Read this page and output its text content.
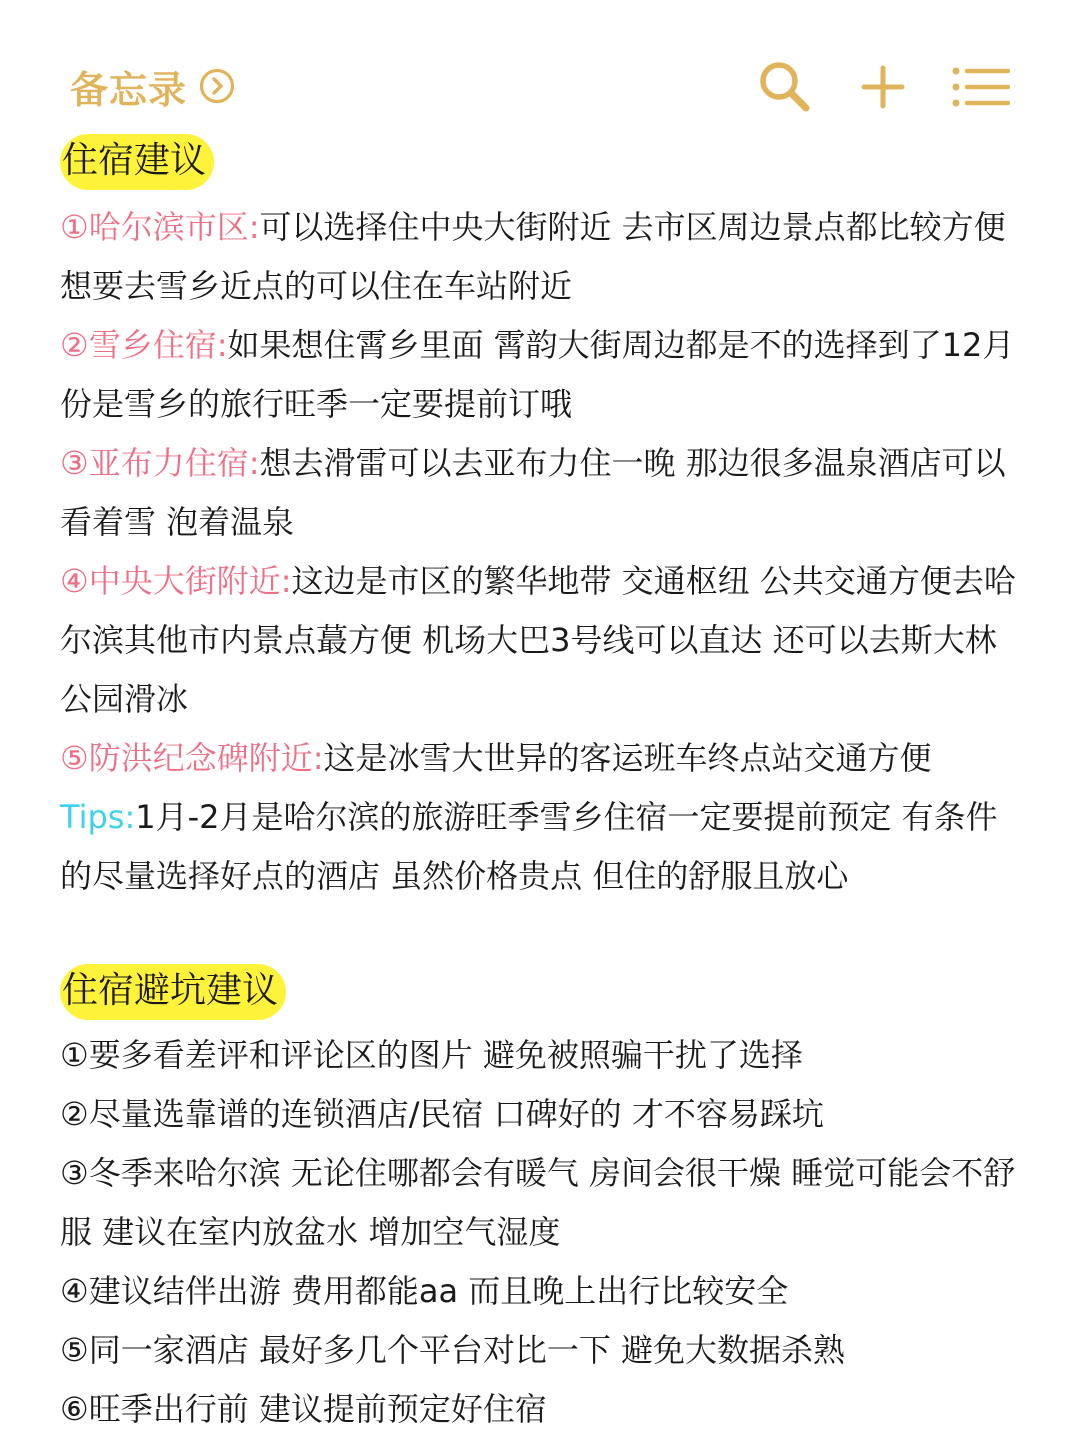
备忘录
住宿建议

①哈尔滨市区:可以选择住中央大街附近 去市区周边景点都比较方便 想要去雪乡近点的可以住在车站附近

②雪乡住宿:如果想住霄乡里面 霄韵大街周边都是不的选择到了12月份是雪乡的旅行旺季一定要提前订哦

③亚布力住宿:想去滑雷可以去亚布力住一晚 那边很多温泉酒店可以看着雪 泡着温泉

④中央大街附近:这边是市区的繁华地带 交通枢纽 公共交通方便去哈尔滨其他市内景点蕞方便 机场大巴3号线可以直达 还可以去斯大林公园滑冰

⑤防洪纪念碑附近:这是冰雪大世异的客运班车终点站交通方便

Tips:1月-2月是哈尔滨的旅游旺季雪乡住宿一定要提前预定 有条件的尽量选择好点的酒店 虽然价格贵点 但住的舒服且放心

住宿避坑建议

①要多看差评和评论区的图片 避免被照骗干扰了选择

②尽量选靠谱的连锁酒店/民宿 口碑好的 才不容易踩坑

③冬季来哈尔滨 无论住哪都会有暖气 房间会很干燥 睡觉可能会不舒服 建议在室内放盆水 增加空气湿度

④建议结伴出游 费用都能aa 而且晚上出行比较安全

⑤同一家酒店 最好多几个平台对比一下 避免大数据杀熟

⑥旺季出行前 建议提前预定好住宿
